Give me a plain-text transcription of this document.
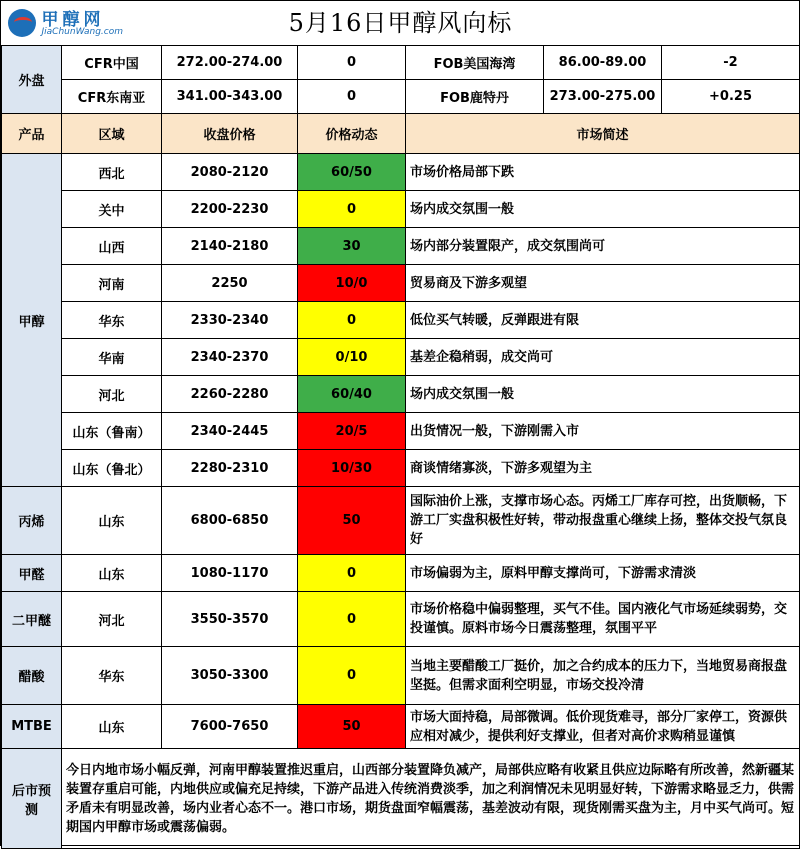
甲醇网
JiaChunWang.com 5月16日甲醇风向标						

外盘	CFR中国	272.00-274.00	0	FOB美国海湾	86.00-89.00	-2
	CFR东南亚	341.00-343.00	0	FOB鹿特丹	273.00-275.00	+0.25
产品	区域	收盘价格	价格动态	市场简述		
甲醇	西北	2080-2120	60/50	市场价格局部下跌		
	关中	2200-2230	0	场内成交氛围一般		
	山西	2140-2180	30	场内部分装置限产，成交氛围尚可		
	河南	2250	10/0	贸易商及下游多观望		
	华东	2330-2340	0	低位买气转暖，反弹跟进有限		
	华南	2340-2370	0/10	基差企稳稍弱，成交尚可		
	河北	2260-2280	60/40	场内成交氛围一般		
	山东（鲁南）	2340-2445	20/5	出货情况一般，下游刚需入市		
	山东（鲁北）	2280-2310	10/30	商谈情绪寡淡，下游多观望为主		
丙烯	山东	6800-6850	50	国际油价上涨，支撑市场心态。丙烯工厂库存可控，出货顺畅，下游工厂实盘积极性好转，带动报盘重心继续上扬，整体交投气氛良好		
甲醛	山东	1080-1170	0	市场偏弱为主，原料甲醇支撑尚可，下游需求清淡		
二甲醚	河北	3550-3570	0	市场价格稳中偏弱整理，买气不佳。国内液化气市场延续弱势，交投谨慎。原料市场今日震荡整理，氛围平平		
醋酸	华东	3050-3300	0	当地主要醋酸工厂挺价，加之合约成本的压力下，当地贸易商报盘坚挺。但需求面利空明显，市场交投冷清		
MTBE	山东	7600-7650	50	市场大面持稳，局部微调。低价现货难寻，部分厂家停工，资源供应相对减少，提供利好支撑业，但者对高价求购稍显谨慎		
后市预测	今日内地市场小幅反弹，河南甲醇装置推迟重启，山西部分装置降负减产，局部供应略有收紧且供应边际略有所改善，然新疆某装置存重启可能，内地供应或偏充足持续，下游产品进入传统消费淡季，加之利润情况未见明显好转，下游需求略显乏力，供需矛盾未有明显改善，场内业者心态不一。港口市场，期货盘面窄幅震荡，基差波动有限，现货刚需买盘为主，月中买气尚可。短期国内甲醇市场或震荡偏弱。					
